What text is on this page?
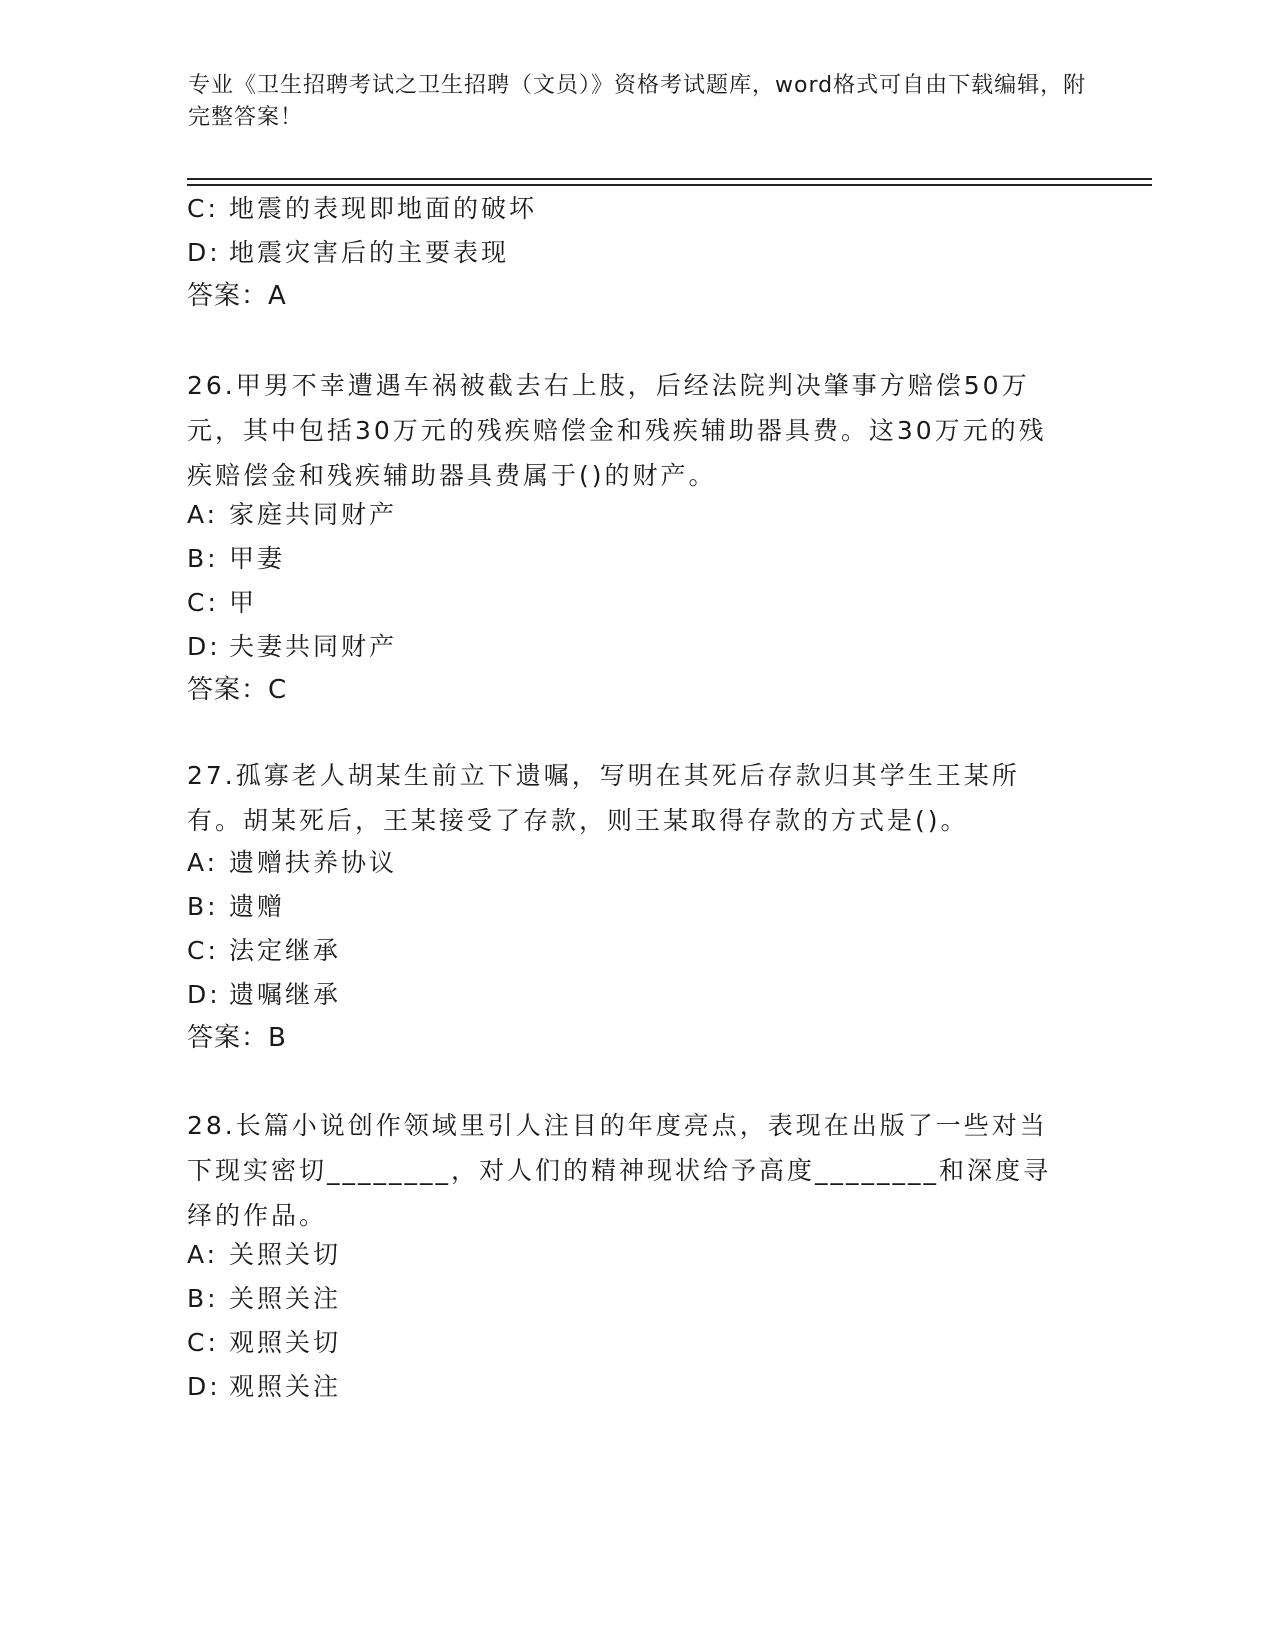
专业《卫生招聘考试之卫生招聘（文员）》资格考试题库，word格式可自由下载编辑，附完整答案！
C: 地震的表现即地面的破坏
D: 地震灾害后的主要表现
答案：A
26.甲男不幸遭遇车祸被截去右上肢，后经法院判决肇事方赔偿50万元，其中包括30万元的残疾赔偿金和残疾辅助器具费。这30万元的残疾赔偿金和残疾辅助器具费属于()的财产。
A: 家庭共同财产
B: 甲妻
C: 甲
D: 夫妻共同财产
答案：C
27.孤寡老人胡某生前立下遗嘱，写明在其死后存款归其学生王某所有。胡某死后，王某接受了存款，则王某取得存款的方式是()。
A: 遗赠扶养协议
B: 遗赠
C: 法定继承
D: 遗嘱继承
答案：B
28.长篇小说创作领域里引人注目的年度亮点，表现在出版了一些对当下现实密切________，对人们的精神现状给予高度________和深度寻绎的作品。
A: 关照关切
B: 关照关注
C: 观照关切
D: 观照关注
